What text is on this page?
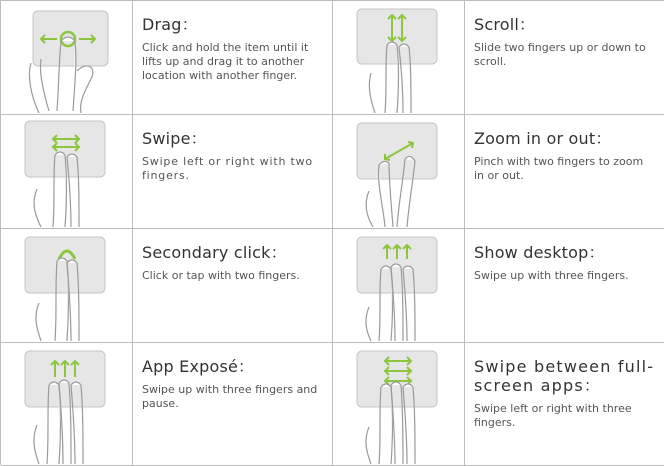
Drag：
Click and hold the item until it lifts up and drag it to another location with another finger.
Scroll：
Slide two fingers up or down to scroll.
Swipe：
Swipe left or right with two fingers.
Zoom in or out：
Pinch with two fingers to zoom in or out.
Secondary click：
Click or tap with two fingers.
Show desktop：
Swipe up with three fingers.
App Exposé：
Swipe up with three fingers and pause.
Swipe between full-screen apps：
Swipe left or right with three fingers.
